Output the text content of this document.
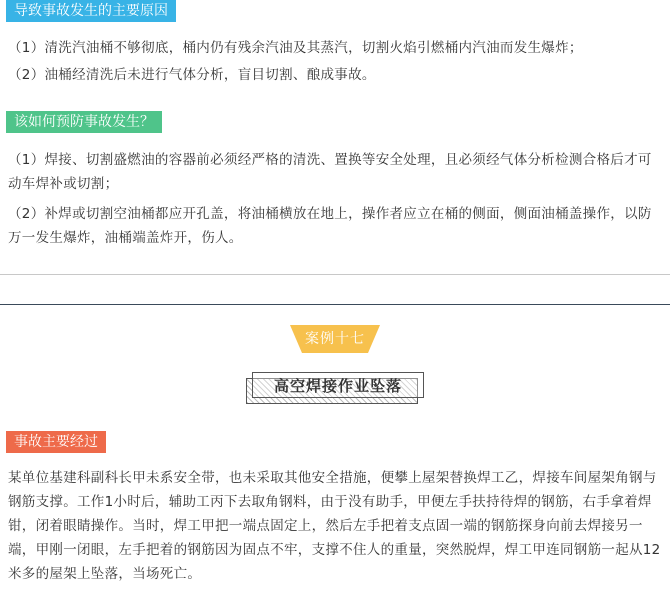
导致事故发生的主要原因
（1）清洗汽油桶不够彻底，桶内仍有残余汽油及其蒸汽，切割火焰引燃桶内汽油而发生爆炸；
（2）油桶经清洗后未进行气体分析，盲目切割、酿成事故。
该如何预防事故发生？
（1）焊接、切割盛燃油的容器前必须经严格的清洗、置换等安全处理，且必须经气体分析检测合格后才可动车焊补或切割；
（2）补焊或切割空油桶都应开孔盖，将油桶横放在地上，操作者应立在桶的侧面，侧面油桶盖操作，以防万一发生爆炸，油桶端盖炸开，伤人。
案例十七
高空焊接作业坠落
事故主要经过
某单位基建科副科长甲未系安全带，也未采取其他安全措施，便攀上屋架替换焊工乙，焊接车间屋架角钢与钢筋支撑。工作1小时后，辅助工丙下去取角钢料，由于没有助手，甲便左手扶持待焊的钢筋，右手拿着焊钳，闭着眼睛操作。当时，焊工甲把一端点固定上，然后左手把着支点固一端的钢筋探身向前去焊接另一端，甲刚一闭眼，左手把着的钢筋因为固点不牢，支撑不住人的重量，突然脱焊，焊工甲连同钢筋一起从12米多的屋架上坠落，当场死亡。
